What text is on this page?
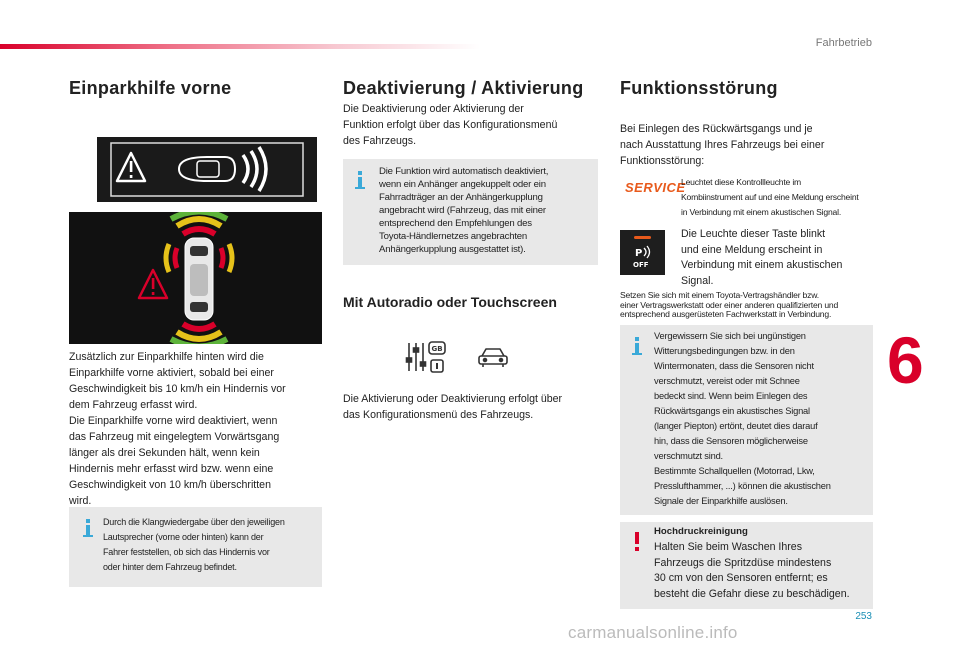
Fahrbetrieb
253
6
carmanualsonline.info
Einparkhilfe vorne
Zusätzlich zur Einparkhilfe hinten wird die
Einparkhilfe vorne aktiviert, sobald bei einer
Geschwindigkeit bis 10 km/h ein Hindernis vor
dem Fahrzeug erfasst wird.
Die Einparkhilfe vorne wird deaktiviert, wenn
das Fahrzeug mit eingelegtem Vorwärtsgang
länger als drei Sekunden hält, wenn kein
Hindernis mehr erfasst wird bzw. wenn eine
Geschwindigkeit von 10 km/h überschritten
wird.
Durch die Klangwiedergabe über den jeweiligen
Lautsprecher (vorne oder hinten) kann der
Fahrer feststellen, ob sich das Hindernis vor
oder hinter dem Fahrzeug befindet.
Deaktivierung / Aktivierung
Die Deaktivierung oder Aktivierung der
Funktion erfolgt über das Konfigurationsmenü
des Fahrzeugs.
Die Funktion wird automatisch deaktiviert,
wenn ein Anhänger angekuppelt oder ein
Fahrradträger an der Anhängerkupplung
angebracht wird (Fahrzeug, das mit einer
entsprechend den Empfehlungen des
Toyota-Händlernetzes angebrachten
Anhängerkupplung ausgestattet ist).
Mit Autoradio oder Touchscreen
GB
Die Aktivierung oder Deaktivierung erfolgt über
das Konfigurationsmenü des Fahrzeugs.
Funktionsstörung
Bei Einlegen des Rückwärtsgangs und je
nach Ausstattung Ihres Fahrzeugs bei einer
Funktionsstörung:
SERVICE
Leuchtet diese Kontrollleuchte im
Kombiinstrument auf und eine Meldung erscheint
in Verbindung mit einem akustischen Signal.
P
OFF
Die Leuchte dieser Taste blinkt
und eine Meldung erscheint in
Verbindung mit einem akustischen
Signal.
Setzen Sie sich mit einem Toyota-Vertragshändler bzw.
einer Vertragswerkstatt oder einer anderen qualifizierten und
entsprechend ausgerüsteten Fachwerkstatt in Verbindung.
Vergewissern Sie sich bei ungünstigen
Witterungsbedingungen bzw. in den
Wintermonaten, dass die Sensoren nicht
verschmutzt, vereist oder mit Schnee
bedeckt sind. Wenn beim Einlegen des
Rückwärtsgangs ein akustisches Signal
(langer Piepton) ertönt, deutet dies darauf
hin, dass die Sensoren möglicherweise
verschmutzt sind.
Bestimmte Schallquellen (Motorrad, Lkw,
Presslufthammer, ...) können die akustischen
Signale der Einparkhilfe auslösen.
Hochdruckreinigung
Halten Sie beim Waschen Ihres
Fahrzeugs die Spritzdüse mindestens
30 cm von den Sensoren entfernt; es
besteht die Gefahr diese zu beschädigen.
